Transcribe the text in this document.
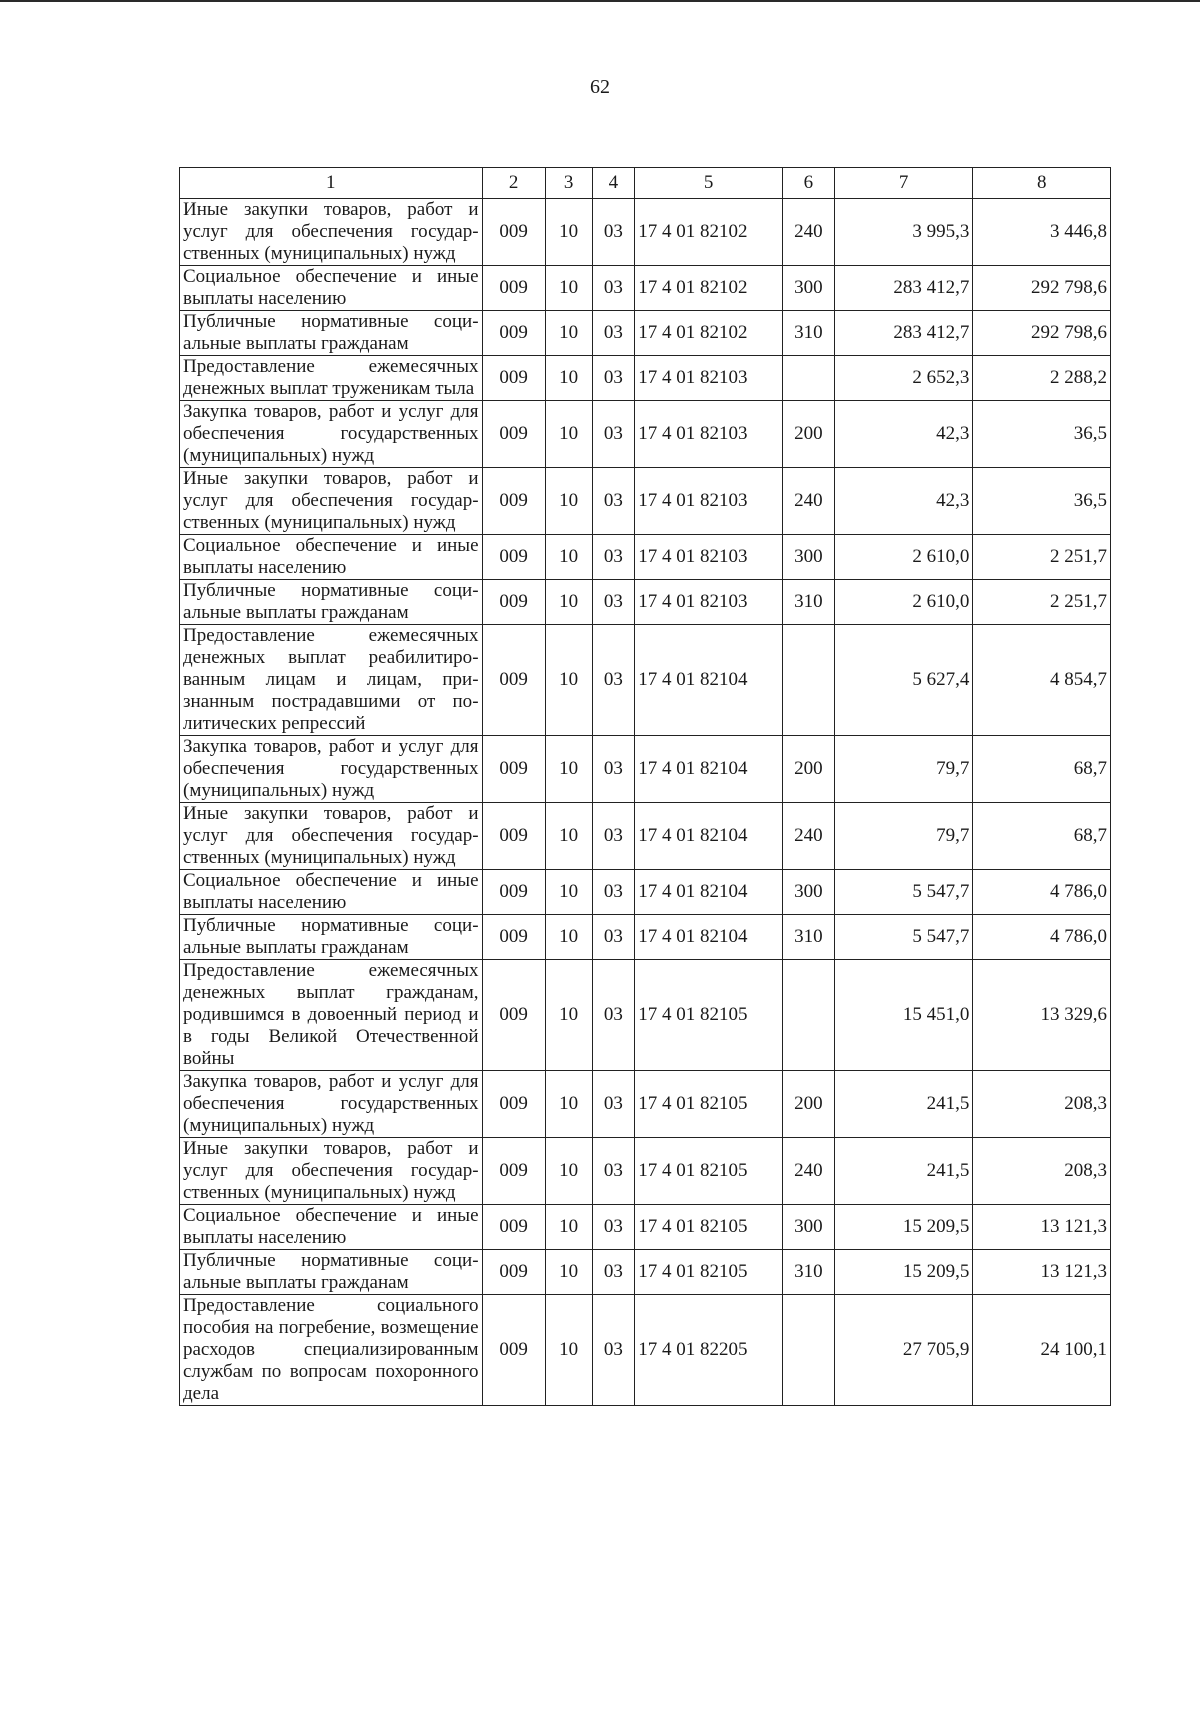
62
1	2	3	4	5	6	7	8
Иные закупки товаров, работ и услуг для обеспечения государственных (муниципальных) нужд	009	10	03	17 4 01 82102	240	3 995,3	3 446,8
Социальное обеспечение и иные выплаты населению	009	10	03	17 4 01 82102	300	283 412,7	292 798,6
Публичные нормативные социальные выплаты гражданам	009	10	03	17 4 01 82102	310	283 412,7	292 798,6
Предоставление ежемесячных денежных выплат труженикам тыла	009	10	03	17 4 01 82103		2 652,3	2 288,2
Закупка товаров, работ и услуг для обеспечения государственных (муниципальных) нужд	009	10	03	17 4 01 82103	200	42,3	36,5
Иные закупки товаров, работ и услуг для обеспечения государственных (муниципальных) нужд	009	10	03	17 4 01 82103	240	42,3	36,5
Социальное обеспечение и иные выплаты населению	009	10	03	17 4 01 82103	300	2 610,0	2 251,7
Публичные нормативные социальные выплаты гражданам	009	10	03	17 4 01 82103	310	2 610,0	2 251,7
Предоставление ежемесячных денежных выплат реабилитированным лицам и лицам, признанным пострадавшими от политических репрессий	009	10	03	17 4 01 82104		5 627,4	4 854,7
Закупка товаров, работ и услуг для обеспечения государственных (муниципальных) нужд	009	10	03	17 4 01 82104	200	79,7	68,7
Иные закупки товаров, работ и услуг для обеспечения государственных (муниципальных) нужд	009	10	03	17 4 01 82104	240	79,7	68,7
Социальное обеспечение и иные выплаты населению	009	10	03	17 4 01 82104	300	5 547,7	4 786,0
Публичные нормативные социальные выплаты гражданам	009	10	03	17 4 01 82104	310	5 547,7	4 786,0
Предоставление ежемесячных денежных выплат гражданам, родившимся в довоенный период и в годы Великой Отечественной войны	009	10	03	17 4 01 82105		15 451,0	13 329,6
Закупка товаров, работ и услуг для обеспечения государственных (муниципальных) нужд	009	10	03	17 4 01 82105	200	241,5	208,3
Иные закупки товаров, работ и услуг для обеспечения государственных (муниципальных) нужд	009	10	03	17 4 01 82105	240	241,5	208,3
Социальное обеспечение и иные выплаты населению	009	10	03	17 4 01 82105	300	15 209,5	13 121,3
Публичные нормативные социальные выплаты гражданам	009	10	03	17 4 01 82105	310	15 209,5	13 121,3
Предоставление социального пособия на погребение, возмещение расходов специализированным службам по вопросам похоронного дела	009	10	03	17 4 01 82205		27 705,9	24 100,1
